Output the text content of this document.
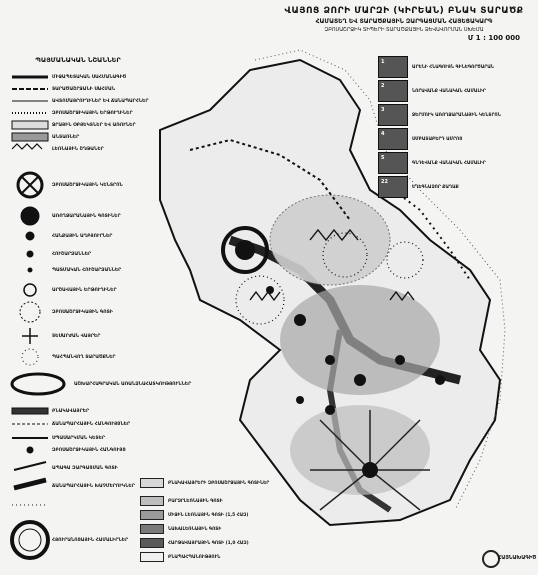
ՎԱՅՈՑ ՁՈՐԻ ՄԱՐԶԻ (ԿԻՐԵԱՆ) ԲՆԱԿ ՏԱՐԱԾՔ
ՀԱՄԱՏԵՂ ԵՎ ՏԱՐԱԾՔԱՅԻՆ ԶԱՐԳԱՑՄԱՆ ՀԱՅԵՑԱԿԱՐԳ
ԶԲՈՍԱՇՐՋԻԿ ՏԻՊԵՐԻ ՏԱՐԱԾՔԱՅԻՆ ՁԵՎԱՎՈՐՄԱՆ ՍԽԵՄԱ
Մ 1 : 100 000
ՊԱՅՄԱՆԱԿԱՆ ՆՇԱՆՆԵՐ
ՄԻՋԱՊԵՏԱԿԱՆ ՍԱՀՄԱՆԱԳԻԾ
ՏԱՐԱԾԱՇՐՋԱՆԻ ՍԱՀՄԱՆ
ԱՎՏՈՄԱՅՐՈՒՂԻՆԵՐ ԵՎ ՃԱՆԱՊԱՐՀՆԵՐ
ԶԲՈՍԱՇՐՋԻԿԱՅԻՆ ԵՐԹՈՒՂԻՆԵՐ
ՋՐԱՅԻՆ ՕԲՅԵԿՏՆԵՐ ԵՎ ԱՌՈՒՆԵՐ
ԱՆՏԱՌՆԵՐ
ԼԵՌՆԱՅԻՆ ՇՂԹԱՆԵՐ
ԶԲՈՍԱՇՐՋԻԿԱՅԻՆ ԿԵՆՏՐՈՆ
ԱՌՈՂՋԱՐԱՆԱՅԻՆ ԳՈՏԻՆԵՐ
ՀԱՆՔԱՅԻՆ ԱՂԲՅՈՒՐՆԵՐ
ՀՈՒՇԱՐՁԱՆՆԵՐ
ՊԱՏՄԱԿԱՆ ՀՈՒՇԱՐՁԱՆՆԵՐ
ԱՐՇԱՎԱՅԻՆ ԵՐԹՈՒՂԻՆԵՐ
ԶԲՈՍԱՇՐՋԻԿԱՅԻՆ ԳՈՏԻ
ՏԵՍԱՐԺԱՆ ՎԱՅՐԵՐ
ՊԱՀՊԱՆՎՈՂ ՏԱՐԱԾՔՆԵՐ
ԱՇԽԱՐՀԱԳՐԱԿԱՆ ԱՌԱՆՁՆԱՀԱՏԿՈՒԹՅՈՒՆՆԵՐ
ԲՆԱԿԱՎԱՅՐԵՐ
ՃԱՆԱՊԱՐՀԱՅԻՆ ՀԱՆԳՈՒՅՑՆԵՐ
ՍՊԱՍԱՐԿՄԱՆ ԿԵՏԵՐ
ԶԲՈՍԱՇՐՋԻԿԱՅԻՆ ՀԱՆԳՈՒՅՑ
ԱՊԱԳԱ ԶԱՐԳԱՑՄԱՆ ԳՈՏԻ
ՃԱՆԱՊԱՐՀԱՅԻՆ ԽԱՉՄԵՐՈՒԿՆԵՐ
ՀՅՈՒՐԱՆՈՑԱՅԻՆ ՀԱՄԱԼԻՐՆԵՐ
1
ԱՐԵՆԻ ՀՆԱԳՈՒՅՆ ԳԻՆԵԳՈՐԾԱՐԱՆ
2
ՆՈՐԱՎԱՆՔ ՎԱՆԱԿԱՆ ՀԱՄԱԼԻՐ
3
ՋԵՐՄՈՒԿ ԱՌՈՂՋԱՐԱՆԱՅԻՆ ԿԵՆՏՐՈՆ
4
ՍՄԲԱՏԱԲԵՐԴ ԱՄՐՈՑ
5
ԳՆԴԵՎԱՆՔ ՎԱՆԱԿԱՆ ՀԱՄԱԼԻՐ
22
ԵՂԵԳՆԱՁՈՐ ՔԱՂԱՔ
ԲՆԱԿԱՎԱՅՐԵՐԻ ԶԲՈՍԱՇՐՋԱՅԻՆ ԳՈՏԻՆԵՐ
ԲԱՐՁՐԼԵՌՆԱՅԻՆ ԳՈՏԻ
ՄԻՋԻՆ ԼԵՌՆԱՅԻՆ ԳՈՏԻ (1,5 ՀԱԶ)
ՆԱԽԱԼԵՌՆԱՅԻՆ ԳՈՏԻ
ՀԱՐԹԱՎԱՅՐԱՅԻՆ ԳՈՏԻ (1,0 ՀԱԶ)
ԲՆԱՊԱՀՊԱՆՈՒԹՅՈՒՆ	ՀԱՅՆԱԽԱԳԻԾ
